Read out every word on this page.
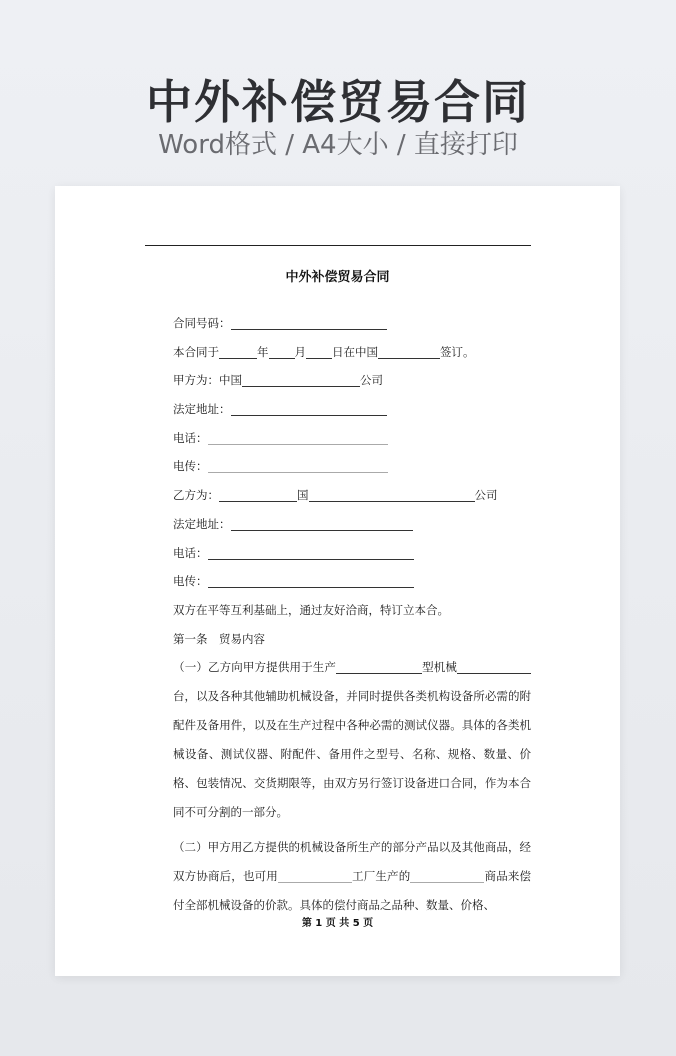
中外补偿贸易合同
Word格式 / A4大小 / 直接打印
中外补偿贸易合同
合同号码：
本合同于	年 月 日在中国	签订。
甲方为：中国	公司
法定地址：
电话：
电传：
乙方为：	国	公司
法定地址：
电话：
电传：
双方在平等互利基础上，通过友好洽商，特订立本合。
第一条　贸易内容
（一）乙方向甲方提供用于生产	型机械台，以及各种其他辅助机械设备，并同时提供各类机构设备所必需的附配件及备用件，以及在生产过程中各种必需的测试仪器。具体的各类机械设备、测试仪器、附配件、备用件之型号、名称、规格、数量、价格、包装情况、交货期限等，由双方另行签订设备进口合同，作为本合同不可分割的一部分。
（二）甲方用乙方提供的机械设备所生产的部分产品以及其他商品，经双方协商后，也可用	工厂生产的	商品来偿付全部机械设备的价款。具体的偿付商品之品种、数量、价格、
第 1 页 共 5 页
